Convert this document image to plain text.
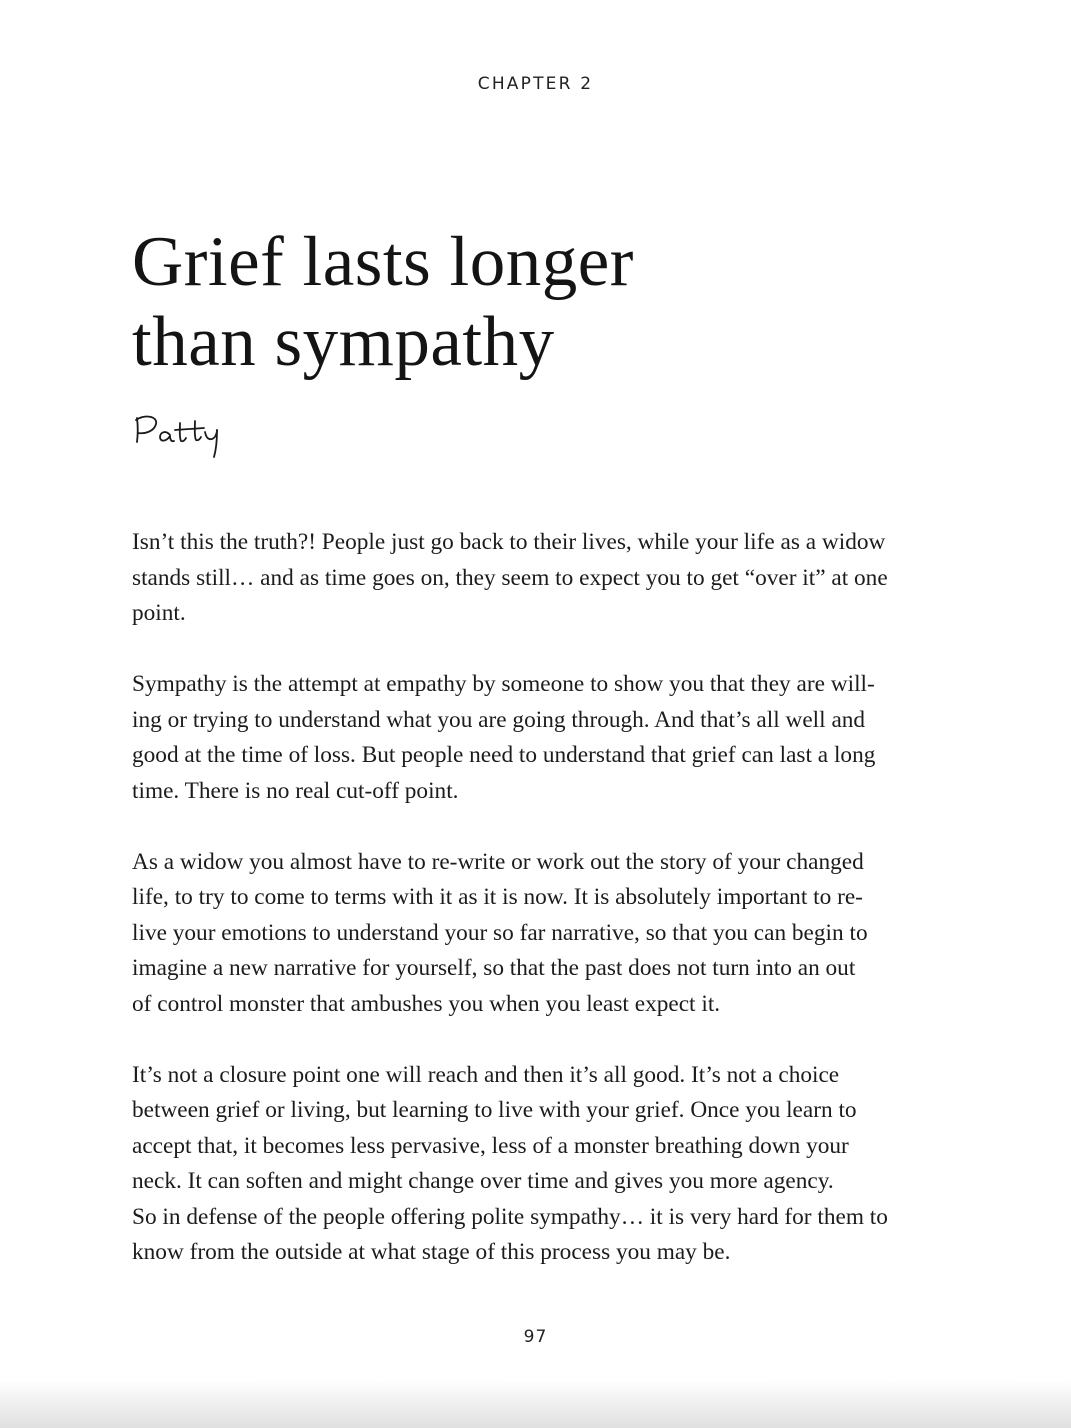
CHAPTER 2
Grief lasts longer
than sympathy

Isn’t this the truth?! People just go back to their lives, while your life as a widow
stands still… and as time goes on, they seem to expect you to get “over it” at one
point.

Sympathy is the attempt at empathy by someone to show you that they are will-
ing or trying to understand what you are going through. And that’s all well and
good at the time of loss. But people need to understand that grief can last a long
time. There is no real cut-off point.

As a widow you almost have to re-write or work out the story of your changed
life, to try to come to terms with it as it is now. It is absolutely important to re-
live your emotions to understand your so far narrative, so that you can begin to
imagine a new narrative for yourself, so that the past does not turn into an out
of control monster that ambushes you when you least expect it.

It’s not a closure point one will reach and then it’s all good. It’s not a choice
between grief or living, but learning to live with your grief. Once you learn to
accept that, it becomes less pervasive, less of a monster breathing down your
neck. It can soften and might change over time and gives you more agency.
So in defense of the people offering polite sympathy… it is very hard for them to
know from the outside at what stage of this process you may be.

97
